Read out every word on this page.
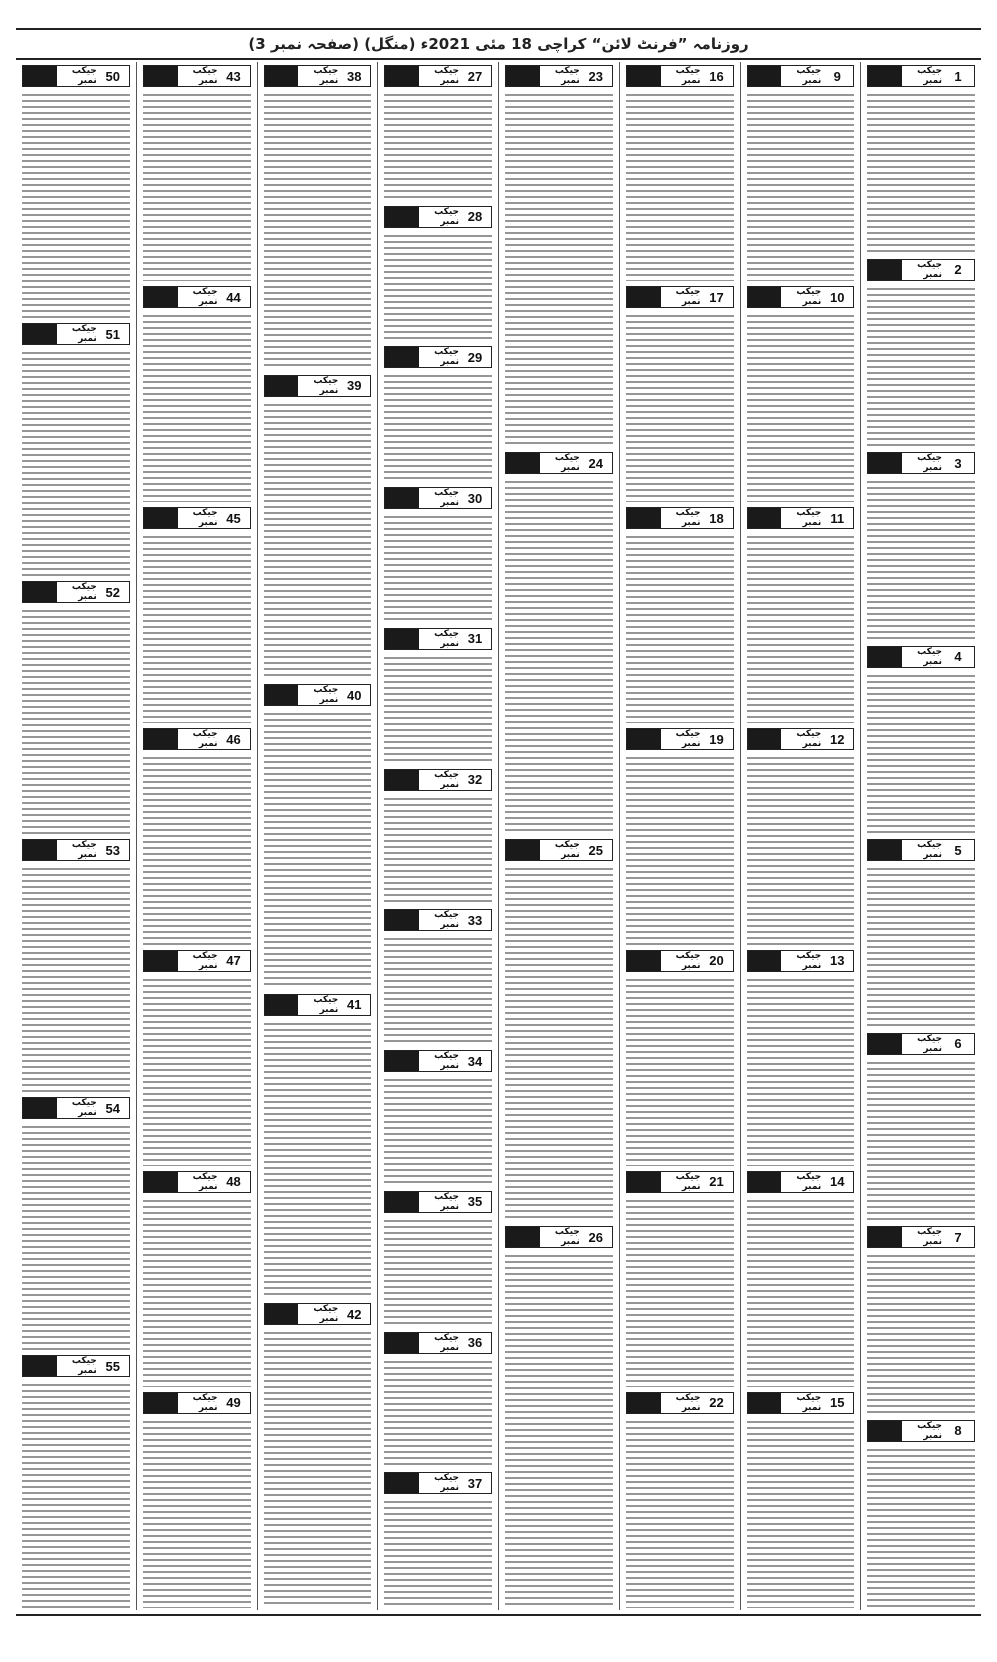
روزنامہ ”فرنٹ لائن“ کراچی 18 مئی 2021ء (منگل) (صفحہ نمبر 3)
جیکب نمبر 1
جیکب نمبر 2
جیکب نمبر 3
جیکب نمبر 4
جیکب نمبر 5
جیکب نمبر 6
جیکب نمبر 7
جیکب نمبر 8
جیکب نمبر 9
جیکب نمبر 10
جیکب نمبر 11
جیکب نمبر 12
جیکب نمبر 13
جیکب نمبر 14
جیکب نمبر 15
جیکب نمبر 16
جیکب نمبر 17
جیکب نمبر 18
جیکب نمبر 19
جیکب نمبر 20
جیکب نمبر 21
جیکب نمبر 22
جیکب نمبر 23
جیکب نمبر 24
جیکب نمبر 25
جیکب نمبر 26
جیکب نمبر 27
جیکب نمبر 28
جیکب نمبر 29
جیکب نمبر 30
جیکب نمبر 31
جیکب نمبر 32
جیکب نمبر 33
جیکب نمبر 34
جیکب نمبر 35
جیکب نمبر 36
جیکب نمبر 37
جیکب نمبر 38
جیکب نمبر 39
جیکب نمبر 40
جیکب نمبر 41
جیکب نمبر 42
جیکب نمبر 43
جیکب نمبر 44
جیکب نمبر 45
جیکب نمبر 46
جیکب نمبر 47
جیکب نمبر 48
جیکب نمبر 49
جیکب نمبر 50
جیکب نمبر 51
جیکب نمبر 52
جیکب نمبر 53
جیکب نمبر 54
جیکب نمبر 55
